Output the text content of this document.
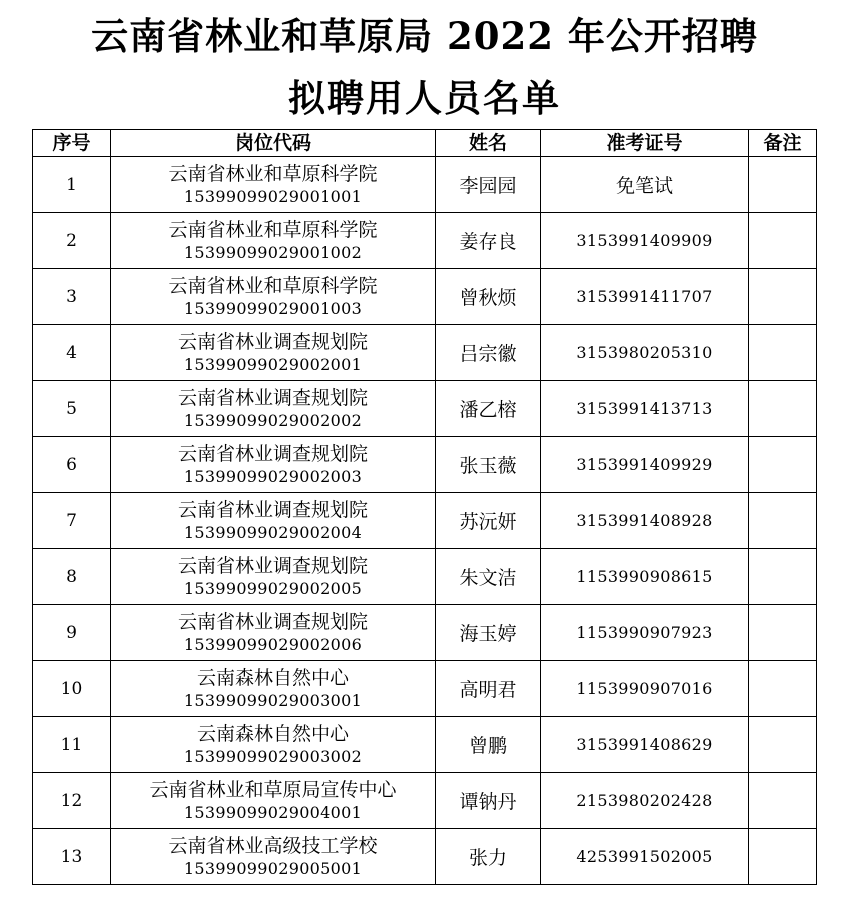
云南省林业和草原局 2022 年公开招聘
拟聘用人员名单
序号	岗位代码	姓名	准考证号	备注
1	云南省林业和草原科学院
15399099029001001	李园园	免笔试	
2	云南省林业和草原科学院
15399099029001002	姜存良	3153991409909	
3	云南省林业和草原科学院
15399099029001003	曾秋烦	3153991411707	
4	云南省林业调查规划院
15399099029002001	吕宗徽	3153980205310	
5	云南省林业调查规划院
15399099029002002	潘乙榕	3153991413713	
6	云南省林业调查规划院
15399099029002003	张玉薇	3153991409929	
7	云南省林业调查规划院
15399099029002004	苏沅妍	3153991408928	
8	云南省林业调查规划院
15399099029002005	朱文洁	1153990908615	
9	云南省林业调查规划院
15399099029002006	海玉婷	1153990907923	
10	云南森林自然中心
15399099029003001	高明君	1153990907016	
11	云南森林自然中心
15399099029003002	曾鹏	3153991408629	
12	云南省林业和草原局宣传中心
15399099029004001	谭钠丹	2153980202428	
13	云南省林业高级技工学校
15399099029005001	张力	4253991502005	
